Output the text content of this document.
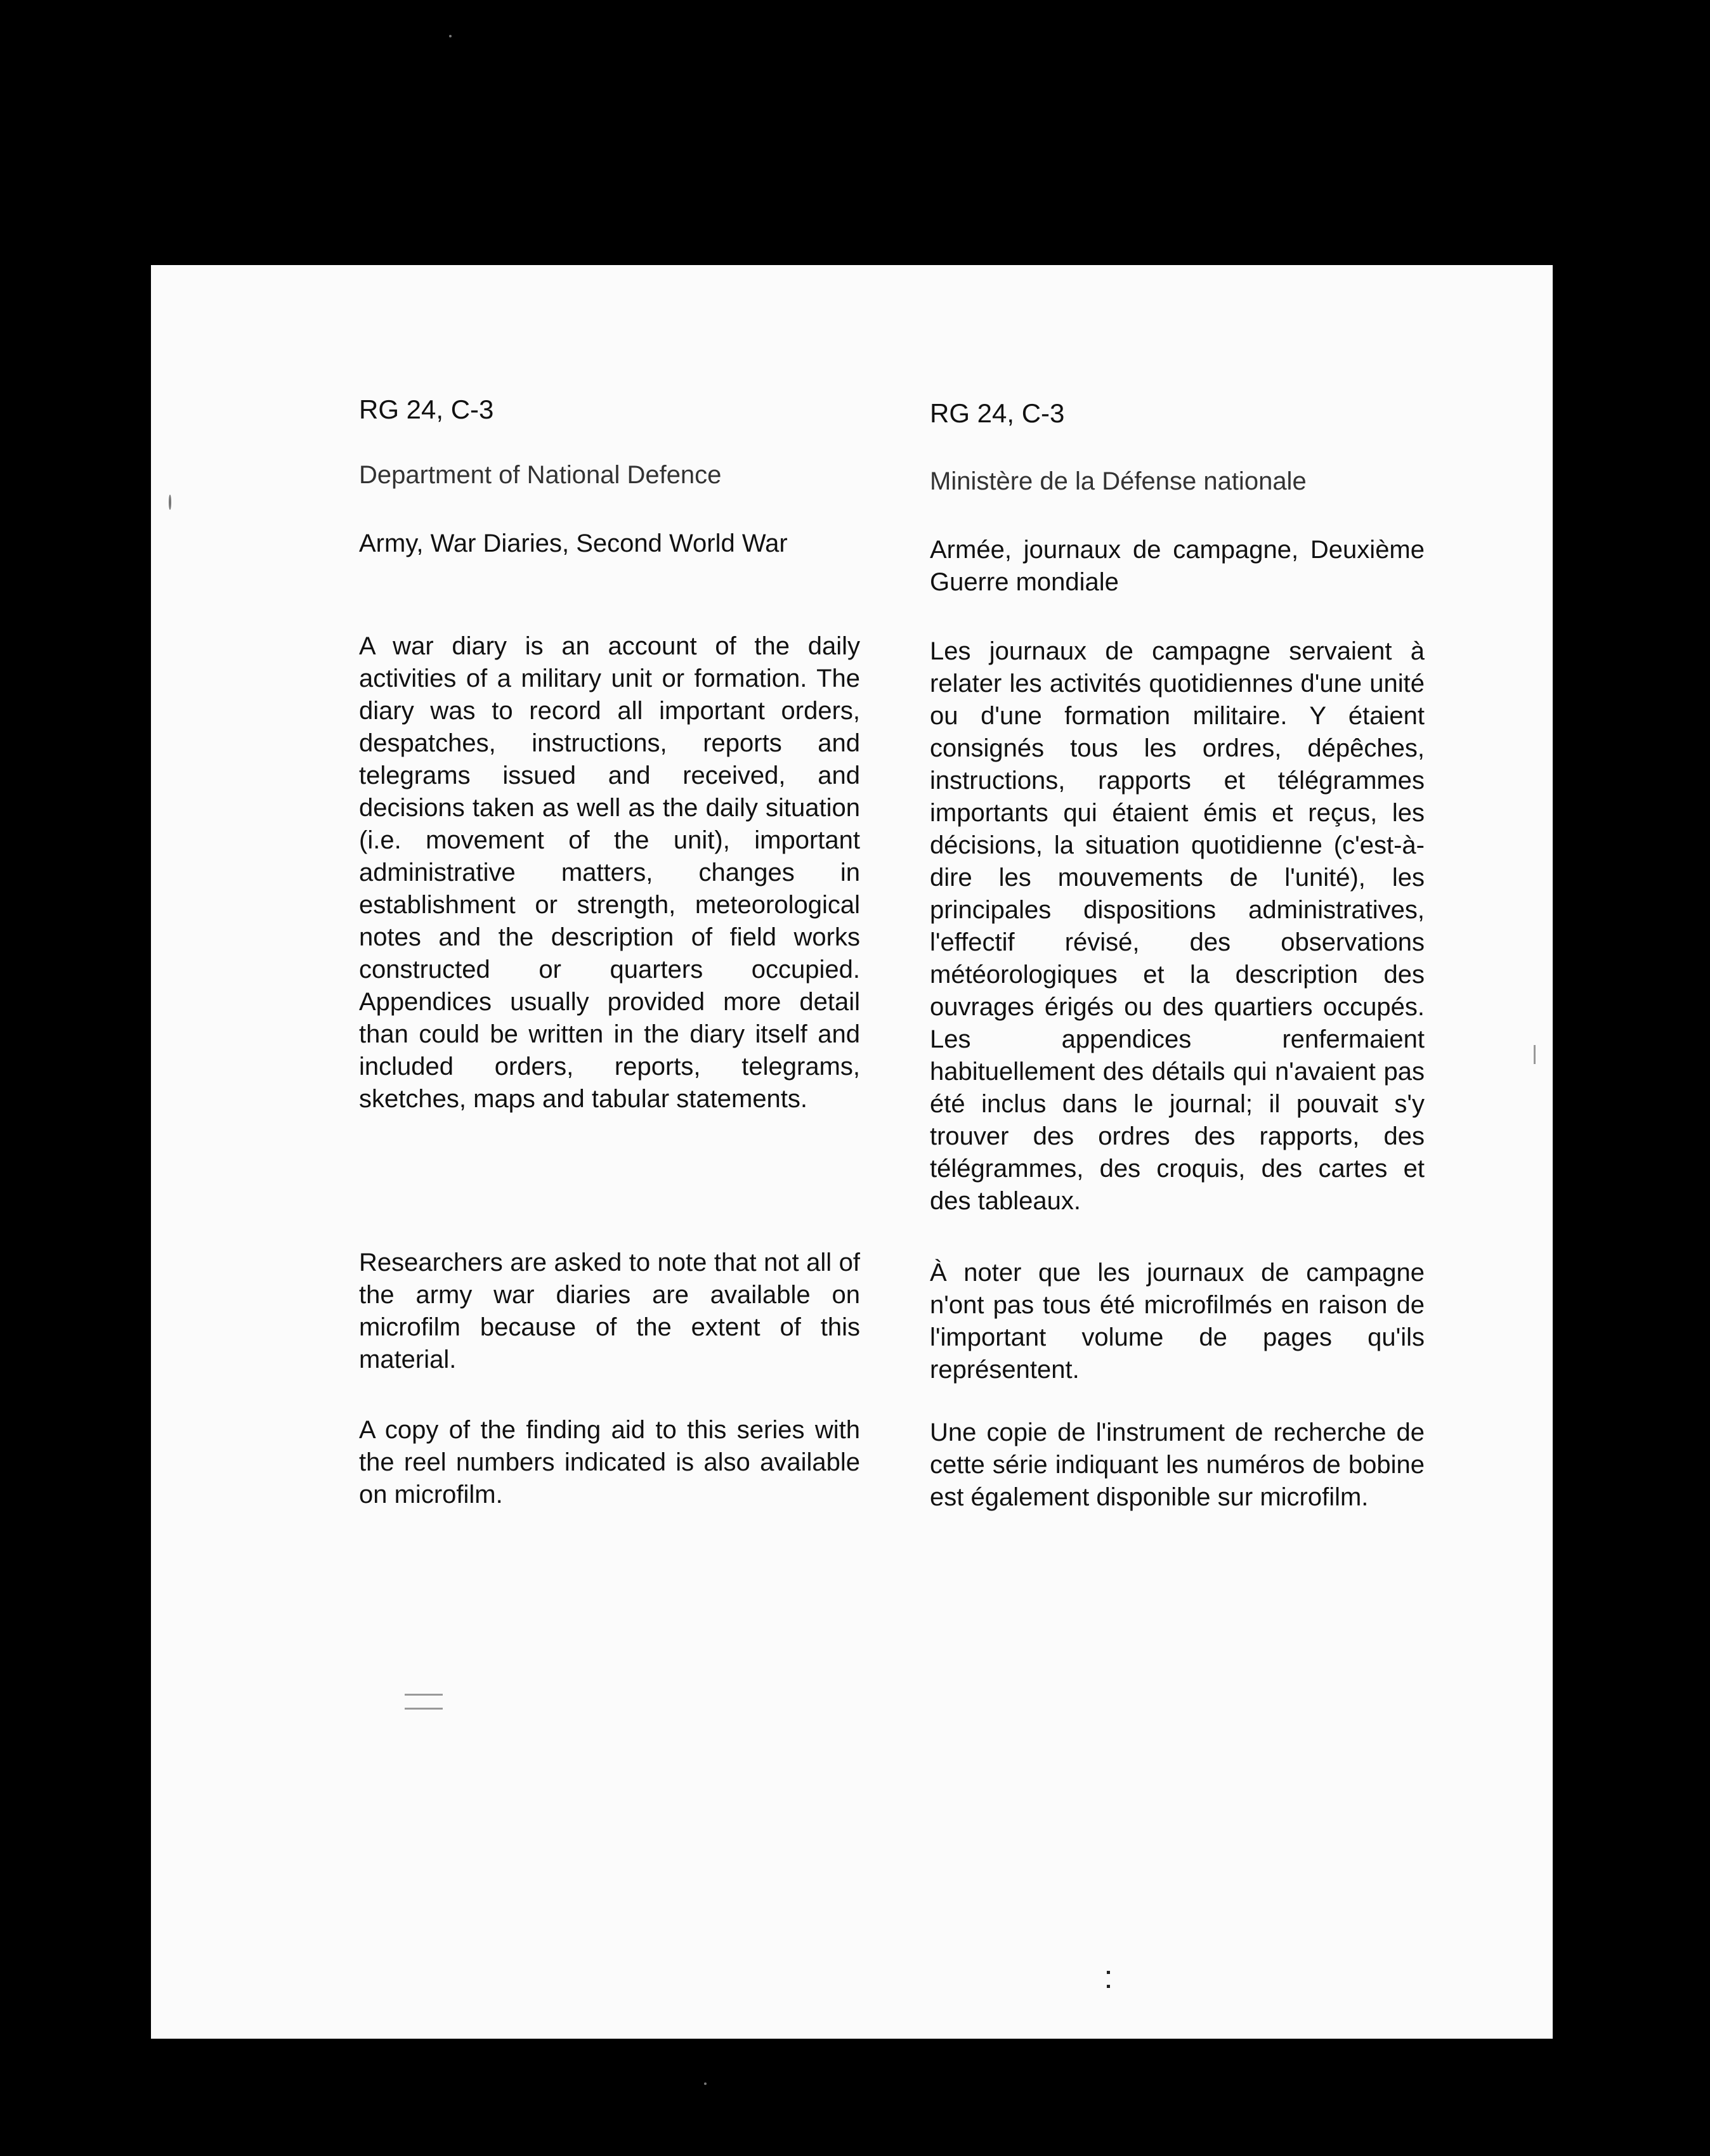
RG 24, C-3
Department of National Defence
Army, War Diaries, Second World War

A war diary is an account of the daily activities of a military unit or formation. The diary was to record all important orders, despatches, instructions, reports and telegrams issued and received, and decisions taken as well as the daily situation (i.e. movement of the unit), important administrative matters, changes in establishment or strength, meteorological notes and the description of field works constructed or quarters occupied. Appendices usually provided more detail than could be written in the diary itself and included orders, reports, telegrams, sketches, maps and tabular statements.

Researchers are asked to note that not all of the army war diaries are available on microfilm because of the extent of this material.

A copy of the finding aid to this series with the reel numbers indicated is also available on microfilm.

RG 24, C-3
Ministère de la Défense nationale

Armée, journaux de campagne, Deuxième Guerre mondiale

Les journaux de campagne servaient à relater les activités quotidiennes d'une unité ou d'une formation militaire. Y étaient consignés tous les ordres, dépêches, instructions, rapports et télégrammes importants qui étaient émis et reçus, les décisions, la situation quotidienne (c'est-à-dire les mouvements de l'unité), les principales dispositions administratives, l'effectif révisé, des observations météorologiques et la description des ouvrages érigés ou des quartiers occupés. Les appendices renfermaient habituellement des détails qui n'avaient pas été inclus dans le journal; il pouvait s'y trouver des ordres des rapports, des télégrammes, des croquis, des cartes et des tableaux.

À noter que les journaux de campagne n'ont pas tous été microfilmés en raison de l'important volume de pages qu'ils représentent.

Une copie de l'instrument de recherche de cette série indiquant les numéros de bobine est également disponible sur microfilm.
